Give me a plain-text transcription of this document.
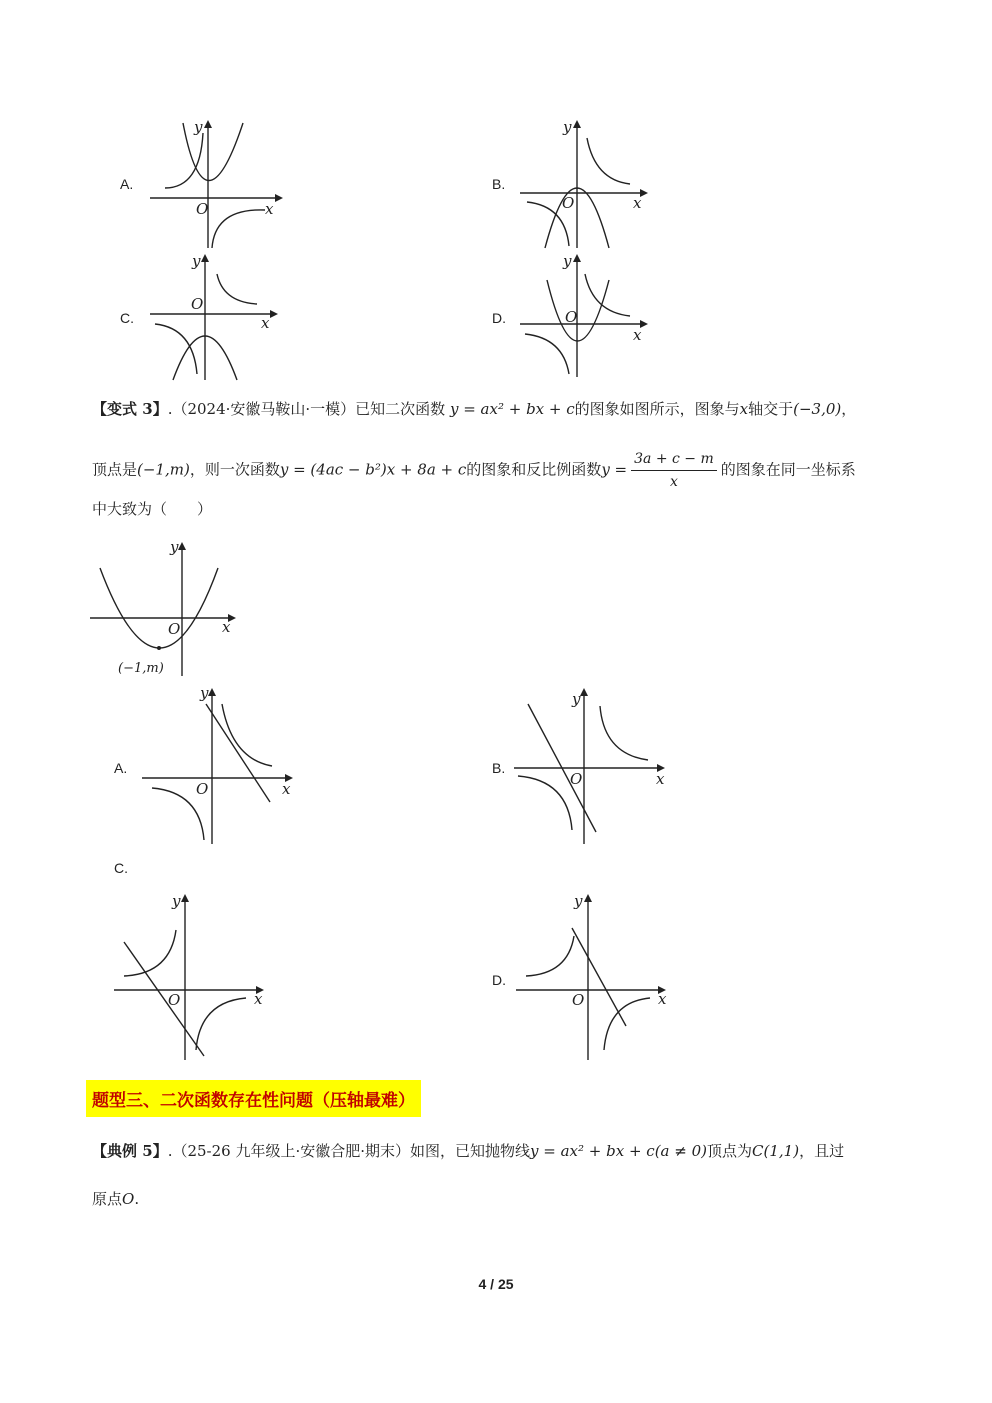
A.
O	x
y
B.
O	x
y
C.
O
x
y
D.	O
x
y
【变式 3】.（2024·安徽马鞍山·一模）已知二次函数 y = ax² + bx + c的图象如图所示，图象与x轴交于(−3,0)，
顶点是(−1,m)，则一次函数y = (4ac − b²)x + 8a + c的图象和反比例函数$y = \frac{3a + c - m}{x}$ 的图象在同一坐标系
中大致为（　　）
O	x
y
(−1,m)
A.
O	x
y
B.
O	x
y
C.
O	x
y
D.
O	x
y
题型三、二次函数存在性问题（压轴最难）
【典例 5】.（25-26 九年级上·安徽合肥·期末）如图，已知抛物线y = ax² + bx + c(a ≠ 0)顶点为C(1,1)，且过
原点O.
4 / 25
